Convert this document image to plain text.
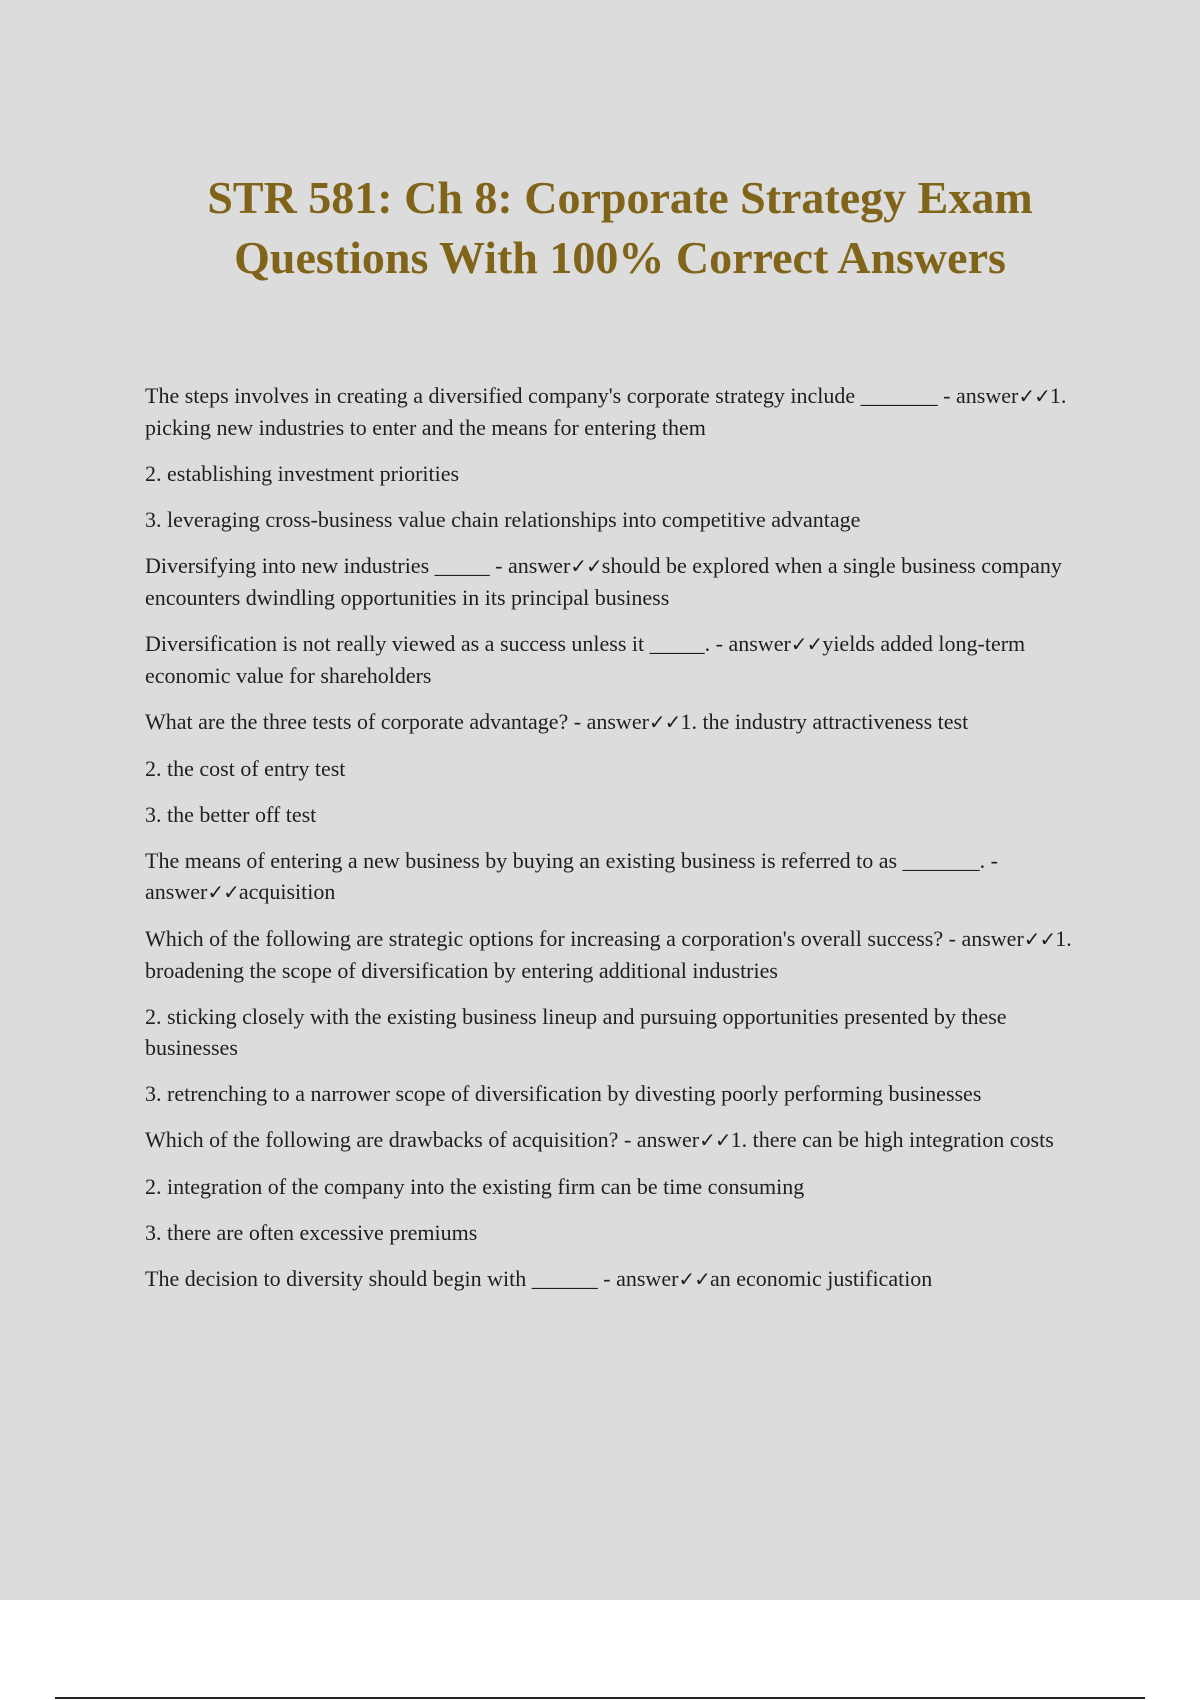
STR 581: Ch 8: Corporate Strategy Exam
Questions With 100% Correct Answers

The steps involves in creating a diversified company's corporate strategy include _______ - answer✓✓1. picking new industries to enter and the means for entering them

2. establishing investment priorities

3. leveraging cross-business value chain relationships into competitive advantage

Diversifying into new industries _____ - answer✓✓should be explored when a single business company encounters dwindling opportunities in its principal business

Diversification is not really viewed as a success unless it _____. - answer✓✓yields added long-term economic value for shareholders

What are the three tests of corporate advantage? - answer✓✓1. the industry attractiveness test

2. the cost of entry test

3. the better off test

The means of entering a new business by buying an existing business is referred to as _______. - answer✓✓acquisition

Which of the following are strategic options for increasing a corporation's overall success? - answer✓✓1. broadening the scope of diversification by entering additional industries

2. sticking closely with the existing business lineup and pursuing opportunities presented by these businesses

3. retrenching to a narrower scope of diversification by divesting poorly performing businesses

Which of the following are drawbacks of acquisition? - answer✓✓1. there can be high integration costs

2. integration of the company into the existing firm can be time consuming

3. there are often excessive premiums

The decision to diversity should begin with ______ - answer✓✓an economic justification
